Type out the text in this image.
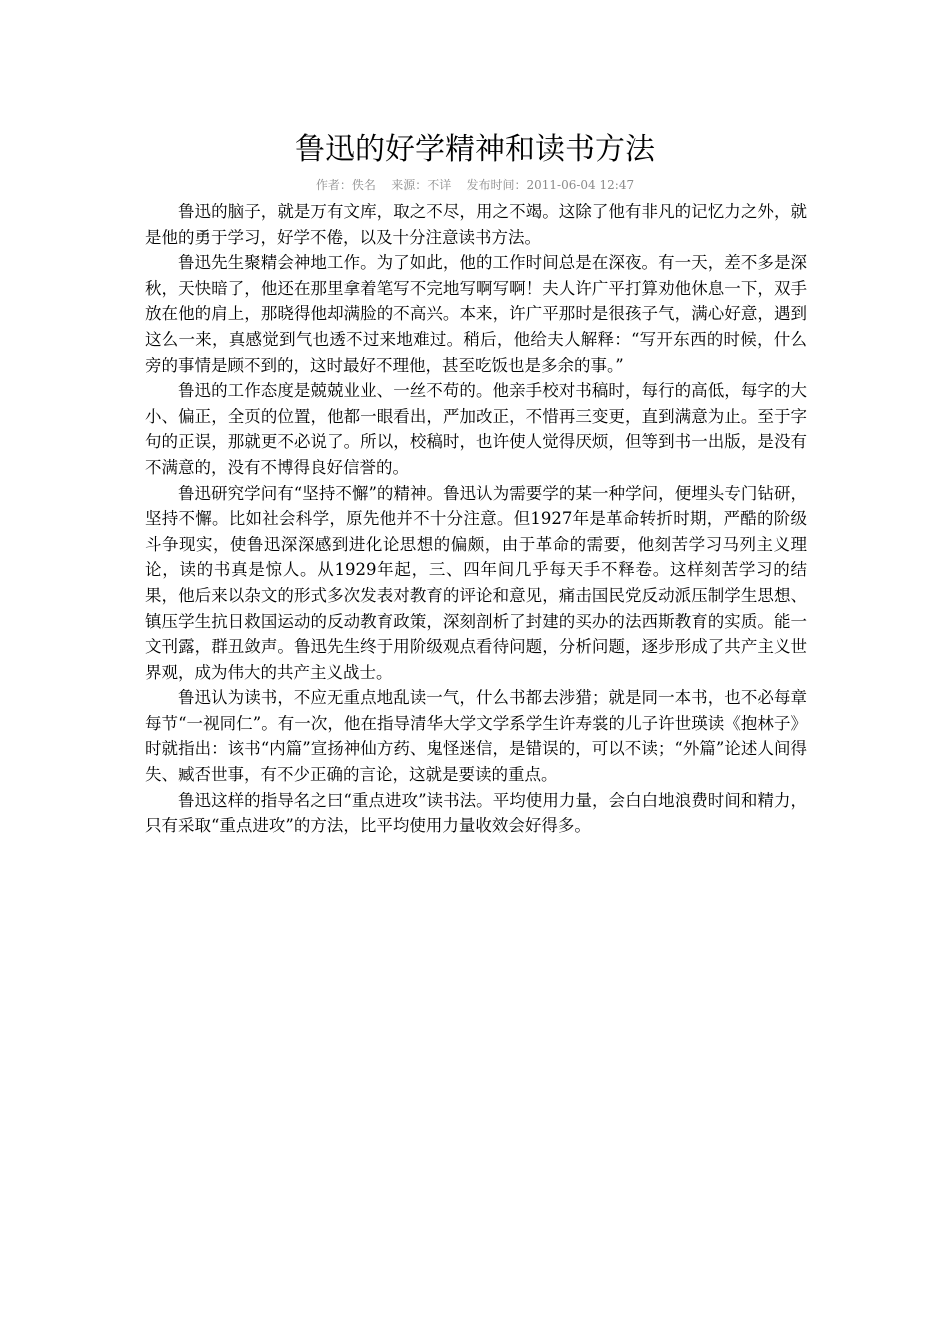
鲁迅的好学精神和读书方法
作者：佚名 来源：不详 发布时间：2011-06-04 12:47

鲁迅的脑子，就是万有文库，取之不尽，用之不竭。这除了他有非凡的记忆力之外，就是他的勇于学习，好学不倦，以及十分注意读书方法。

鲁迅先生聚精会神地工作。为了如此，他的工作时间总是在深夜。有一天，差不多是深秋，天快暗了，他还在那里拿着笔写不完地写啊写啊！夫人许广平打算劝他休息一下，双手放在他的肩上，那晓得他却满脸的不高兴。本来，许广平那时是很孩子气，满心好意，遇到这么一来，真感觉到气也透不过来地难过。稍后，他给夫人解释：“写开东西的时候，什么旁的事情是顾不到的，这时最好不理他，甚至吃饭也是多余的事。”

鲁迅的工作态度是兢兢业业、一丝不苟的。他亲手校对书稿时，每行的高低，每字的大小、偏正，全页的位置，他都一眼看出，严加改正，不惜再三变更，直到满意为止。至于字句的正误，那就更不必说了。所以，校稿时，也许使人觉得厌烦，但等到书一出版，是没有不满意的，没有不博得良好信誉的。

鲁迅研究学问有“坚持不懈”的精神。鲁迅认为需要学的某一种学问，便埋头专门钻研，坚持不懈。比如社会科学，原先他并不十分注意。但1927年是革命转折时期，严酷的阶级斗争现实，使鲁迅深深感到进化论思想的偏颇，由于革命的需要，他刻苦学习马列主义理论，读的书真是惊人。从1929年起，三、四年间几乎每天手不释卷。这样刻苦学习的结果，他后来以杂文的形式多次发表对教育的评论和意见，痛击国民党反动派压制学生思想、镇压学生抗日救国运动的反动教育政策，深刻剖析了封建的买办的法西斯教育的实质。能一文刊露，群丑敛声。鲁迅先生终于用阶级观点看待问题，分析问题，逐步形成了共产主义世界观，成为伟大的共产主义战士。

鲁迅认为读书，不应无重点地乱读一气，什么书都去涉猎；就是同一本书，也不必每章每节“一视同仁”。有一次，他在指导清华大学文学系学生许寿裳的儿子许世瑛读《抱林子》时就指出：该书“内篇”宣扬神仙方药、鬼怪迷信，是错误的，可以不读；“外篇”论述人间得失、臧否世事，有不少正确的言论，这就是要读的重点。

鲁迅这样的指导名之曰“重点进攻”读书法。平均使用力量，会白白地浪费时间和精力，只有采取“重点进攻”的方法，比平均使用力量收效会好得多。
